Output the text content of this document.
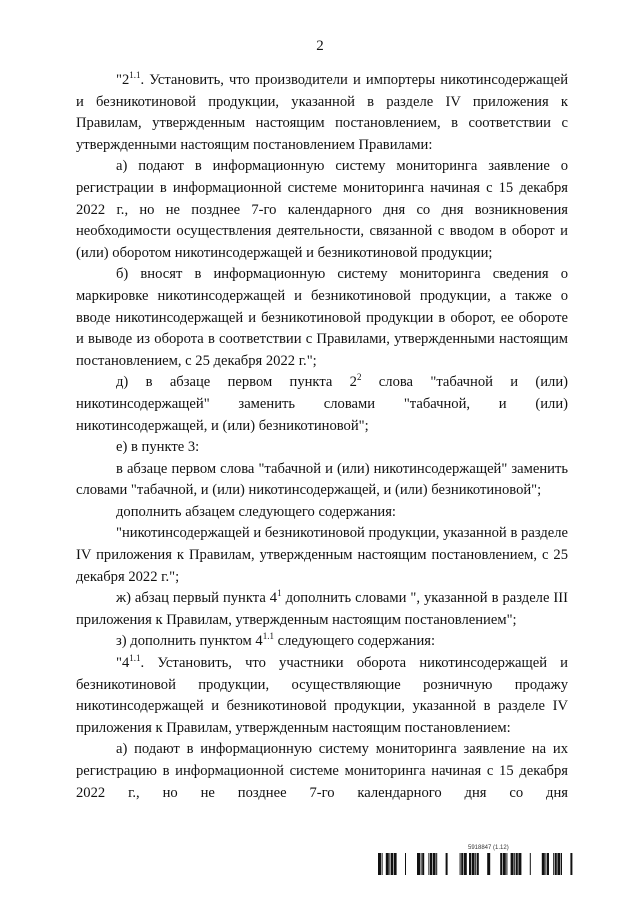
2

"$2^{1.1}$. Установить, что производители и импортеры никотинсодержащей и безникотиновой продукции, указанной в разделе IV приложения к Правилам, утвержденным настоящим постановлением, в соответствии с утвержденными настоящим постановлением Правилами:

а) подают в информационную систему мониторинга заявление о регистрации в информационной системе мониторинга начиная с 15 декабря 2022 г., но не позднее 7-го календарного дня со дня возникновения необходимости осуществления деятельности, связанной с вводом в оборот и (или) оборотом никотинсодержащей и безникотиновой продукции;

б) вносят в информационную систему мониторинга сведения о маркировке никотинсодержащей и безникотиновой продукции, а также о вводе никотинсодержащей и безникотиновой продукции в оборот, ее обороте и выводе из оборота в соответствии с Правилами, утвержденными настоящим постановлением, с 25 декабря 2022 г.";

д) в абзаце первом пункта $2^2$ слова "табачной и (или) никотинсодержащей" заменить словами "табачной, и (или) никотинсодержащей, и (или) безникотиновой";

е) в пункте 3:

в абзаце первом слова "табачной и (или) никотинсодержащей" заменить словами "табачной, и (или) никотинсодержащей, и (или) безникотиновой";

дополнить абзацем следующего содержания:

"никотинсодержащей и безникотиновой продукции, указанной в разделе IV приложения к Правилам, утвержденным настоящим постановлением, с 25 декабря 2022 г.";

ж) абзац первый пункта $4^1$ дополнить словами ", указанной в разделе III приложения к Правилам, утвержденным настоящим постановлением";

з) дополнить пунктом $4^{1.1}$ следующего содержания:

"$4^{1.1}$. Установить, что участники оборота никотинсодержащей и безникотиновой продукции, осуществляющие розничную продажу никотинсодержащей и безникотиновой продукции, указанной в разделе IV приложения к Правилам, утвержденным настоящим постановлением:

а) подают в информационную систему мониторинга заявление на их регистрацию в информационной системе мониторинга начиная с 15 декабря 2022 г., но не позднее 7-го календарного дня со дня

5918847 (1.12)
